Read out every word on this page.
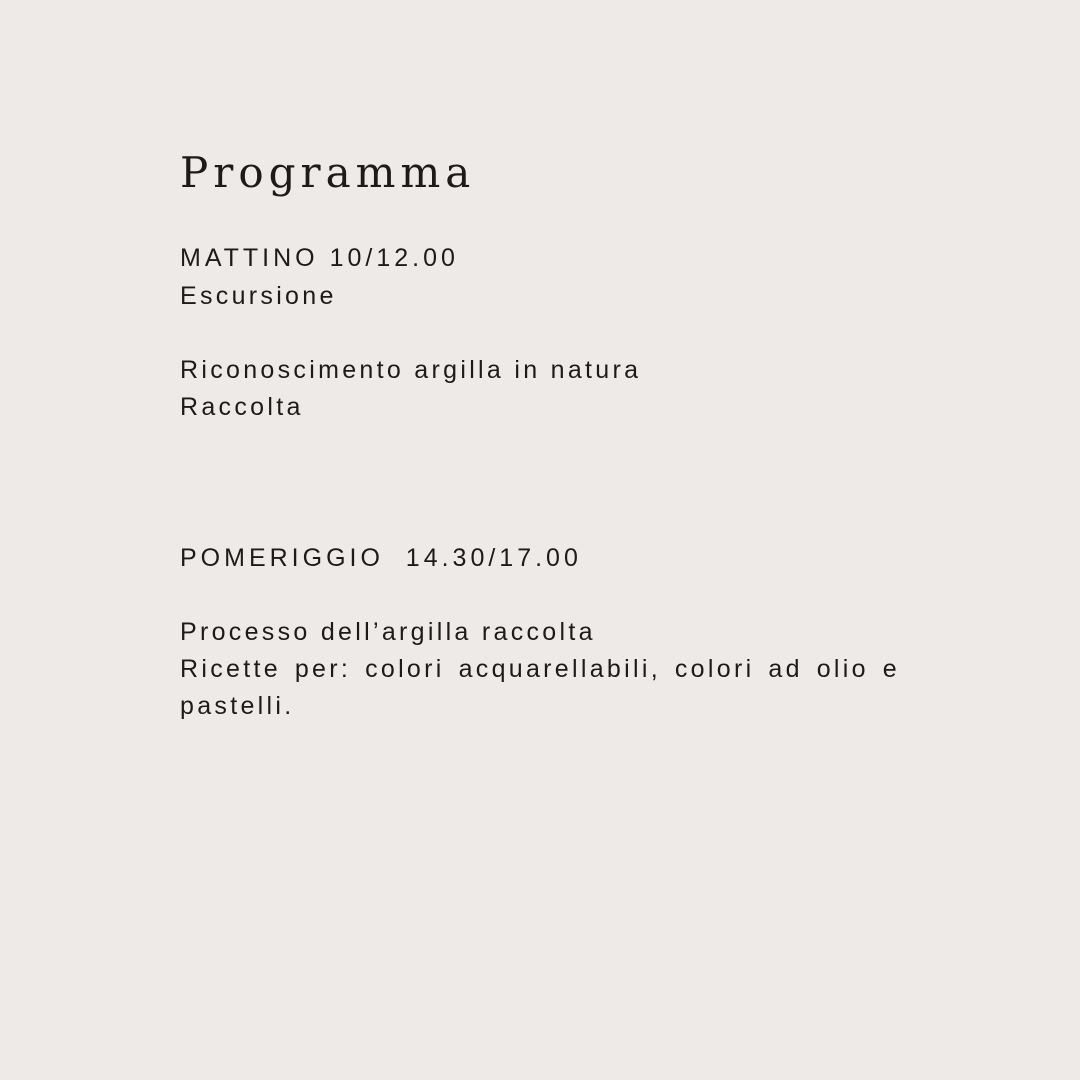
Programma

MATTINO 10/12.00

Escursione

Riconoscimento argilla in natura

Raccolta

POMERIGGIO  14.30/17.00

Processo dell’argilla raccolta

Ricette per: colori acquarellabili, colori ad olio e pastelli.
